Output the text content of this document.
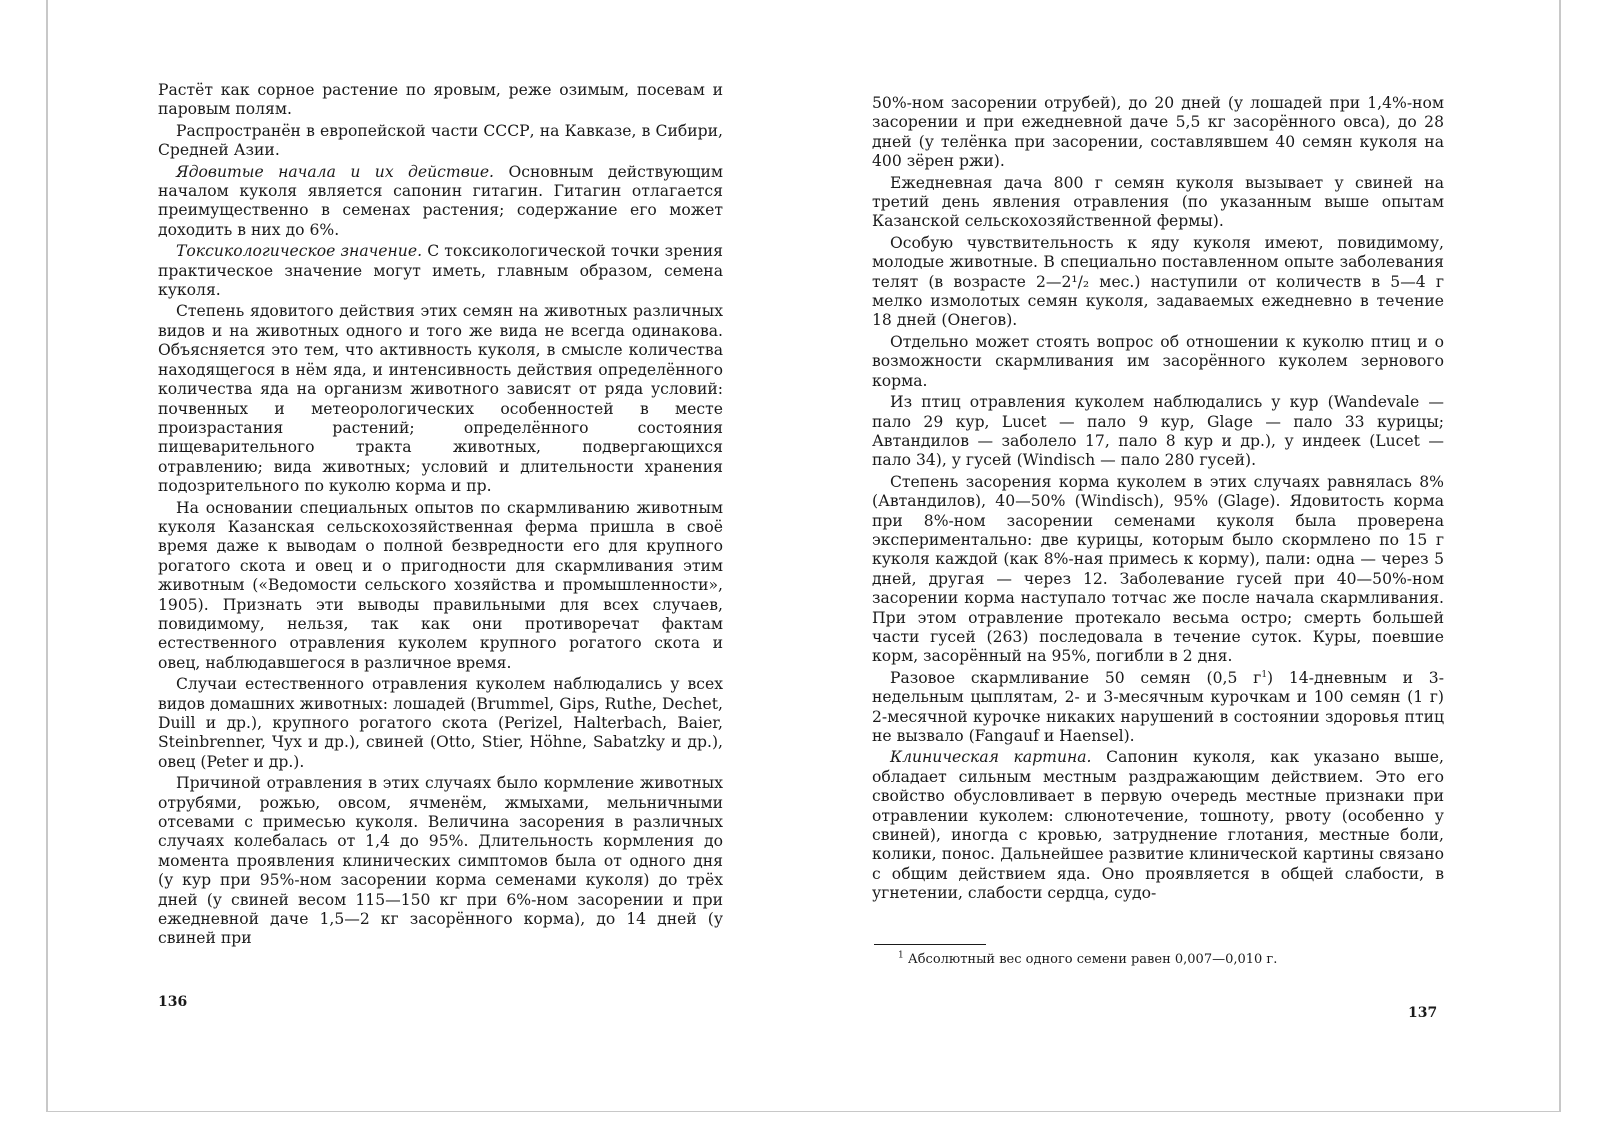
Растёт как сорное растение по яровым, реже озимым, посевам и паровым полям.

Распространён в европейской части СССР, на Кавказе, в Сибири, Средней Азии.

Ядовитые начала и их действие. Основным действующим началом куколя является сапонин гитагин. Гитагин отлагается преимущественно в семенах растения; содержание его может доходить в них до 6%.

Токсикологическое значение. С токсикологической точки зрения практическое значение могут иметь, главным образом, семена куколя.

Степень ядовитого действия этих семян на животных различных видов и на животных одного и того же вида не всегда одинакова. Объясняется это тем, что активность куколя, в смысле количества находящегося в нём яда, и интенсивность действия определённого количества яда на организм животного зависят от ряда условий: почвенных и метеорологических особенностей в месте произрастания растений; определённого состояния пищеварительного тракта животных, подвергающихся отравлению; вида животных; условий и длительности хранения подозрительного по куколю корма и пр.

На основании специальных опытов по скармливанию животным куколя Казанская сельскохозяйственная ферма пришла в своё время даже к выводам о полной безвредности его для крупного рогатого скота и овец и о пригодности для скармливания этим животным («Ведомости сельского хозяйства и промышленности», 1905). Признать эти выводы правильными для всех случаев, повидимому, нельзя, так как они противоречат фактам естественного отравления куколем крупного рогатого скота и овец, наблюдавшегося в различное время.

Случаи естественного отравления куколем наблюдались у всех видов домашних животных: лошадей (Brummel, Gips, Ruthe, Dechet, Duill и др.), крупного рогатого скота (Perizel, Halterbach, Baier, Steinbrenner, Чух и др.), свиней (Otto, Stier, Höhne, Sabatzky и др.), овец (Peter и др.).

Причиной отравления в этих случаях было кормление животных отрубями, рожью, овсом, ячменём, жмыхами, мельничными отсевами с примесью куколя. Величина засорения в различных случаях колебалась от 1,4 до 95%. Длительность кормления до момента проявления клинических симптомов была от одного дня (у кур при 95%-ном засорении корма семенами куколя) до трёх дней (у свиней весом 115—150 кг при 6%-ном засорении и при ежедневной даче 1,5—2 кг засорённого корма), до 14 дней (у свиней при

136

50%-ном засорении отрубей), до 20 дней (у лошадей при 1,4%-ном засорении и при ежедневной даче 5,5 кг засорённого овса), до 28 дней (у телёнка при засорении, составлявшем 40 семян куколя на 400 зёрен ржи).

Ежедневная дача 800 г семян куколя вызывает у свиней на третий день явления отравления (по указанным выше опытам Казанской сельскохозяйственной фермы).

Особую чувствительность к яду куколя имеют, повидимому, молодые животные. В специально поставленном опыте заболевания телят (в возрасте 2—2¹/₂ мес.) наступили от количеств в 5—4 г мелко измолотых семян куколя, задаваемых ежедневно в течение 18 дней (Онегов).

Отдельно может стоять вопрос об отношении к куколю птиц и о возможности скармливания им засорённого куколем зернового корма.

Из птиц отравления куколем наблюдались у кур (Wandevale — пало 29 кур, Lucet — пало 9 кур, Glage — пало 33 курицы; Автандилов — заболело 17, пало 8 кур и др.), у индеек (Lucet — пало 34), у гусей (Windisch — пало 280 гусей).

Степень засорения корма куколем в этих случаях равнялась 8% (Автандилов), 40—50% (Windisch), 95% (Glage). Ядовитость корма при 8%-ном засорении семенами куколя была проверена экспериментально: две курицы, которым было скормлено по 15 г куколя каждой (как 8%-ная примесь к корму), пали: одна — через 5 дней, другая — через 12. Заболевание гусей при 40—50%-ном засорении корма наступало тотчас же после начала скармливания. При этом отравление протекало весьма остро; смерть большей части гусей (263) последовала в течение суток. Куры, поевшие корм, засорённый на 95%, погибли в 2 дня.

Разовое скармливание 50 семян (0,5 $г^1$) 14-дневным и 3-недельным цыплятам, 2- и 3-месячным курочкам и 100 семян (1 г) 2-месячной курочке никаких нарушений в состоянии здоровья птиц не вызвало (Fangauf и Haensel).

Клиническая картина. Сапонин куколя, как указано выше, обладает сильным местным раздражающим действием. Это его свойство обусловливает в первую очередь местные признаки при отравлении куколем: слюнотечение, тошноту, рвоту (особенно у свиней), иногда с кровью, затруднение глотания, местные боли, колики, понос. Дальнейшее развитие клинической картины связано с общим действием яда. Оно проявляется в общей слабости, в угнетении, слабости сердца, судо-

$^1$ Абсолютный вес одного семени равен 0,007—0,010 г.
137
